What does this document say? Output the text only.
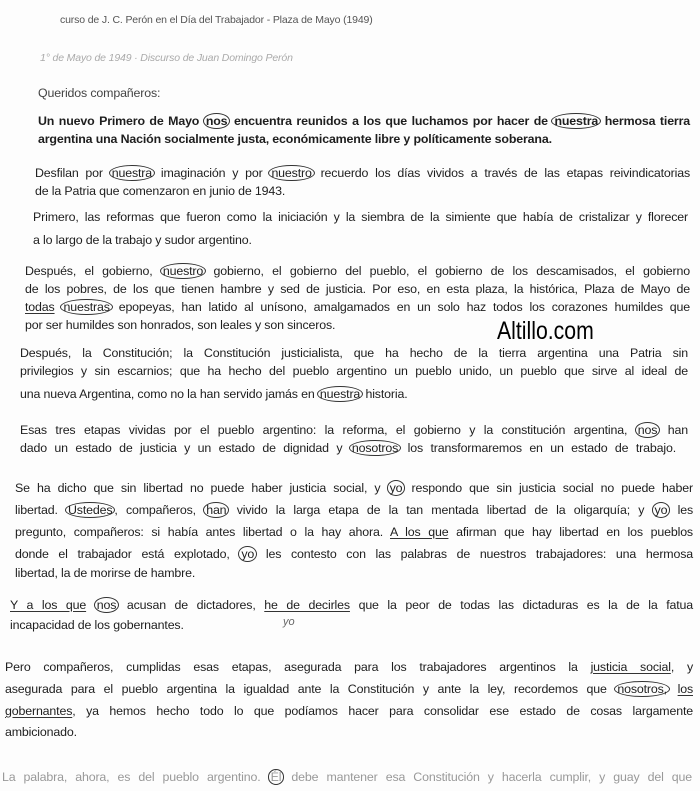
curso de J. C. Perón en el Día del Trabajador - Plaza de Mayo (1949)
1° de Mayo de 1949 · Discurso de Juan Domingo Perón
Queridos compañeros:
Altillo.com
yo
Un nuevo Primero de Mayo nos encuentra reunidos a los que luchamos por hacer de nuestra hermosa tierra
argentina una Nación socialmente justa, económicamente libre y políticamente soberana.
Desfilan por nuestra imaginación y por nuestro recuerdo los días vividos a través de las etapas reivindicatorias
de la Patria que comenzaron en junio de 1943.
Primero, las reformas que fueron como la iniciación y la siembra de la simiente que había de cristalizar y florecer
a lo largo de la trabajo y sudor argentino.
Después, el gobierno, nuestro gobierno, el gobierno del pueblo, el gobierno de los descamisados, el gobierno
de los pobres, de los que tienen hambre y sed de justicia. Por eso, en esta plaza, la histórica, Plaza de Mayo de
todas nuestras epopeyas, han latido al unísono, amalgamados en un solo haz todos los corazones humildes que
por ser humildes son honrados, son leales y son sinceros.
Después, la Constitución; la Constitución justicialista, que ha hecho de la tierra argentina una Patria sin
privilegios y sin escarnios; que ha hecho del pueblo argentino un pueblo unido, un pueblo que sirve al ideal de
una nueva Argentina, como no la han servido jamás en nuestra historia.
Esas tres etapas vividas por el pueblo argentino: la reforma, el gobierno y la constitución argentina, nos han
dado un estado de justicia y un estado de dignidad y nosotros los transformaremos en un estado de trabajo.
Se ha dicho que sin libertad no puede haber justicia social, y yo respondo que sin justicia social no puede haber
libertad. Ustedes , compañeros, han vivido la larga etapa de la tan mentada libertad de la oligarquía; y yo les
pregunto, compañeros: si había antes libertad o la hay ahora. A los que afirman que hay libertad en los pueblos
donde el trabajador está explotado, yo les contesto con las palabras de nuestros trabajadores: una hermosa
libertad, la de morirse de hambre.
Y a los que nos acusan de dictadores, he de decirles que la peor de todas las dictaduras es la de la fatua
incapacidad de los gobernantes.
Pero compañeros, cumplidas esas etapas, asegurada para los trabajadores argentinos la justicia social, y
asegurada para el pueblo argentina la igualdad ante la Constitución y ante la ley, recordemos que nosotros, los
gobernantes, ya hemos hecho todo lo que podíamos hacer para consolidar ese estado de cosas largamente
ambicionado.
La palabra, ahora, es del pueblo argentino. Él debe mantener esa Constitución y hacerla cumplir, y guay del que
